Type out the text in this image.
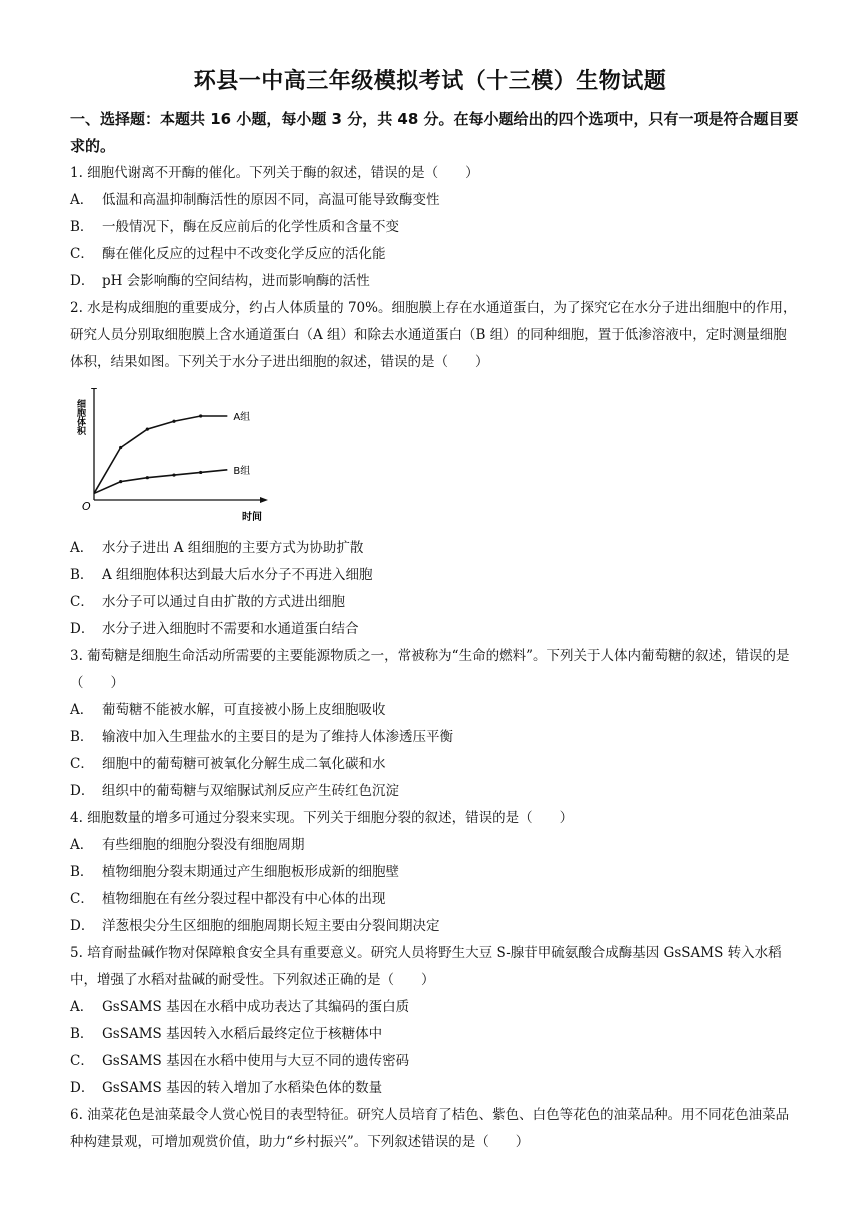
环县一中高三年级模拟考试（十三模）生物试题
一、选择题：本题共 16 小题，每小题 3 分，共 48 分。在每小题给出的四个选项中，只有一项是符合题目要求的。
1. 细胞代谢离不开酶的催化。下列关于酶的叙述，错误的是（　　）
A． 低温和高温抑制酶活性的原因不同，高温可能导致酶变性
B． 一般情况下，酶在反应前后的化学性质和含量不变
C． 酶在催化反应的过程中不改变化学反应的活化能
D． pH 会影响酶的空间结构，进而影响酶的活性
2. 水是构成细胞的重要成分，约占人体质量的 70%。细胞膜上存在水通道蛋白，为了探究它在水分子进出细胞中的作用，研究人员分别取细胞膜上含水通道蛋白（A 组）和除去水通道蛋白（B 组）的同种细胞，置于低渗溶液中，定时测量细胞体积，结果如图。下列关于水分子进出细胞的叙述，错误的是（　　）
O
时间
细胞体积	A组
B组
A． 水分子进出 A 组细胞的主要方式为协助扩散
B． A 组细胞体积达到最大后水分子不再进入细胞
C． 水分子可以通过自由扩散的方式进出细胞
D． 水分子进入细胞时不需要和水通道蛋白结合
3. 葡萄糖是细胞生命活动所需要的主要能源物质之一，常被称为“生命的燃料”。下列关于人体内葡萄糖的叙述，错误的是（　　）
A． 葡萄糖不能被水解，可直接被小肠上皮细胞吸收
B． 输液中加入生理盐水的主要目的是为了维持人体渗透压平衡
C． 细胞中的葡萄糖可被氧化分解生成二氧化碳和水
D． 组织中的葡萄糖与双缩脲试剂反应产生砖红色沉淀
4. 细胞数量的增多可通过分裂来实现。下列关于细胞分裂的叙述，错误的是（　　）
A． 有些细胞的细胞分裂没有细胞周期
B． 植物细胞分裂末期通过产生细胞板形成新的细胞壁
C． 植物细胞在有丝分裂过程中都没有中心体的出现
D． 洋葱根尖分生区细胞的细胞周期长短主要由分裂间期决定
5. 培育耐盐碱作物对保障粮食安全具有重要意义。研究人员将野生大豆 S-腺苷甲硫氨酸合成酶基因 GsSAMS 转入水稻中，增强了水稻对盐碱的耐受性。下列叙述正确的是（　　）
A． GsSAMS 基因在水稻中成功表达了其编码的蛋白质
B． GsSAMS 基因转入水稻后最终定位于核糖体中
C． GsSAMS 基因在水稻中使用与大豆不同的遗传密码
D． GsSAMS 基因的转入增加了水稻染色体的数量
6. 油菜花色是油菜最令人赏心悦目的表型特征。研究人员培育了桔色、紫色、白色等花色的油菜品种。用不同花色油菜品种构建景观，可增加观赏价值，助力“乡村振兴”。下列叙述错误的是（　　）
